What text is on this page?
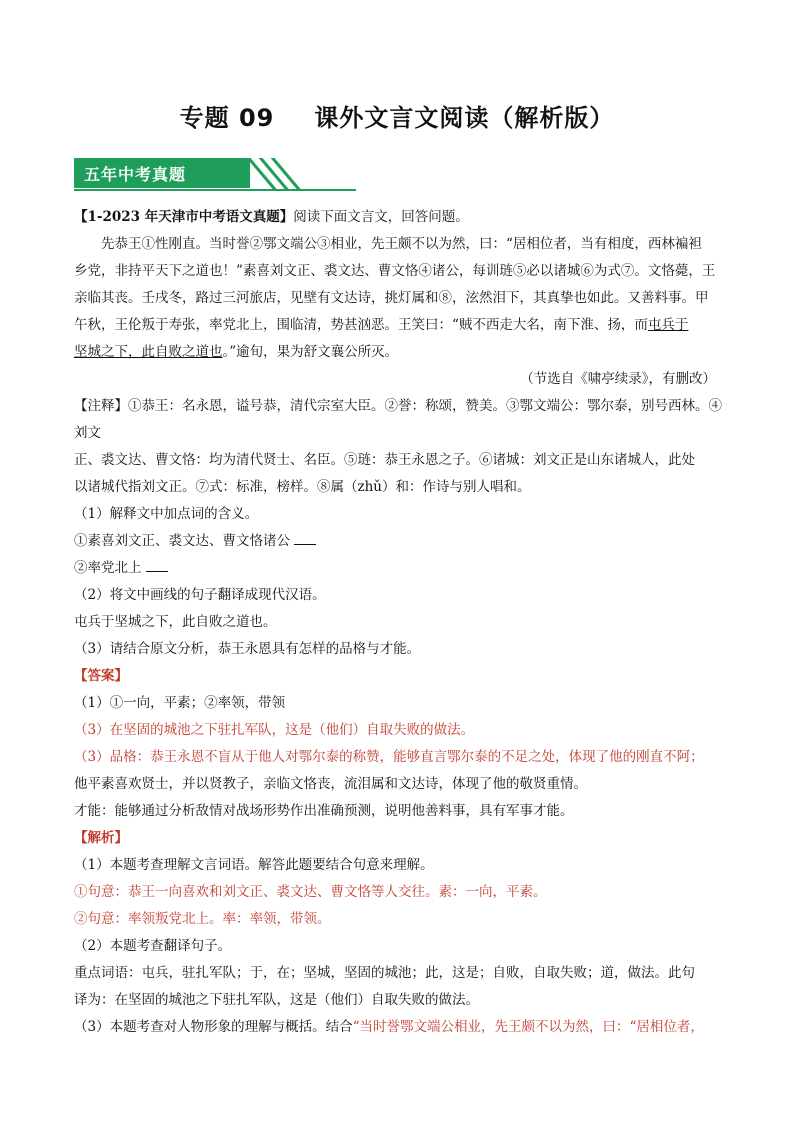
专题 09 课外文言文阅读（解析版）
五年中考真题

【1-2023 年天津市中考语文真题】阅读下面文言文，回答问题。

先恭王①性刚直。当时誉②鄂文端公③相业，先王颇不以为然，曰：“居相位者，当有相度，西林褊袒

乡党，非持平天下之道也！”素喜刘文正、裘文达、曹文恪④诸公，每训琏⑤必以诸城⑥为式⑦。文恪薨，王

亲临其丧。壬戌冬，路过三河旅店，见壁有文达诗，挑灯属和⑧，泫然泪下，其真挚也如此。又善料事。甲

午秋，王伦叛于寿张，率党北上，围临清，势甚汹恶。王笑曰：“贼不西走大名，南下淮、扬，而屯兵于

坚城之下，此自败之道也。”逾旬，果为舒文襄公所灭。

（节选自《啸亭续录》，有删改）

【注释】①恭王：名永恩，谥号恭，清代宗室大臣。②誉：称颂，赞美。③鄂文端公：鄂尔泰，别号西林。④刘文

正、裘文达、曹文恪：均为清代贤士、名臣。⑤琏：恭王永恩之子。⑥诸城：刘文正是山东诸城人，此处

以诸城代指刘文正。⑦式：标准，榜样。⑧属（zhǔ）和：作诗与别人唱和。

（1）解释文中加点词的含义。

①素喜刘文正、裘文达、曹文恪诸公

②率党北上

（2）将文中画线的句子翻译成现代汉语。

屯兵于坚城之下，此自败之道也。

（3）请结合原文分析，恭王永恩具有怎样的品格与才能。

【答案】

（1）①一向，平素；②率领，带领

（3）在坚固的城池之下驻扎军队，这是（他们）自取失败的做法。

（3）品格：恭王永恩不盲从于他人对鄂尔泰的称赞，能够直言鄂尔泰的不足之处，体现了他的刚直不阿；

他平素喜欢贤士，并以贤教子，亲临文恪丧，流泪属和文达诗，体现了他的敬贤重情。

才能：能够通过分析敌情对战场形势作出准确预测，说明他善料事，具有军事才能。

【解析】

（1）本题考查理解文言词语。解答此题要结合句意来理解。

①句意：恭王一向喜欢和刘文正、裘文达、曹文恪等人交往。素：一向，平素。

②句意：率领叛党北上。率：率领，带领。

（2）本题考查翻译句子。

重点词语：屯兵，驻扎军队；于，在；坚城，坚固的城池；此，这是；自败，自取失败；道，做法。此句

译为：在坚固的城池之下驻扎军队，这是（他们）自取失败的做法。

（3）本题考查对人物形象的理解与概括。结合“当时誉鄂文端公相业，先王颇不以为然，曰：“居相位者，
